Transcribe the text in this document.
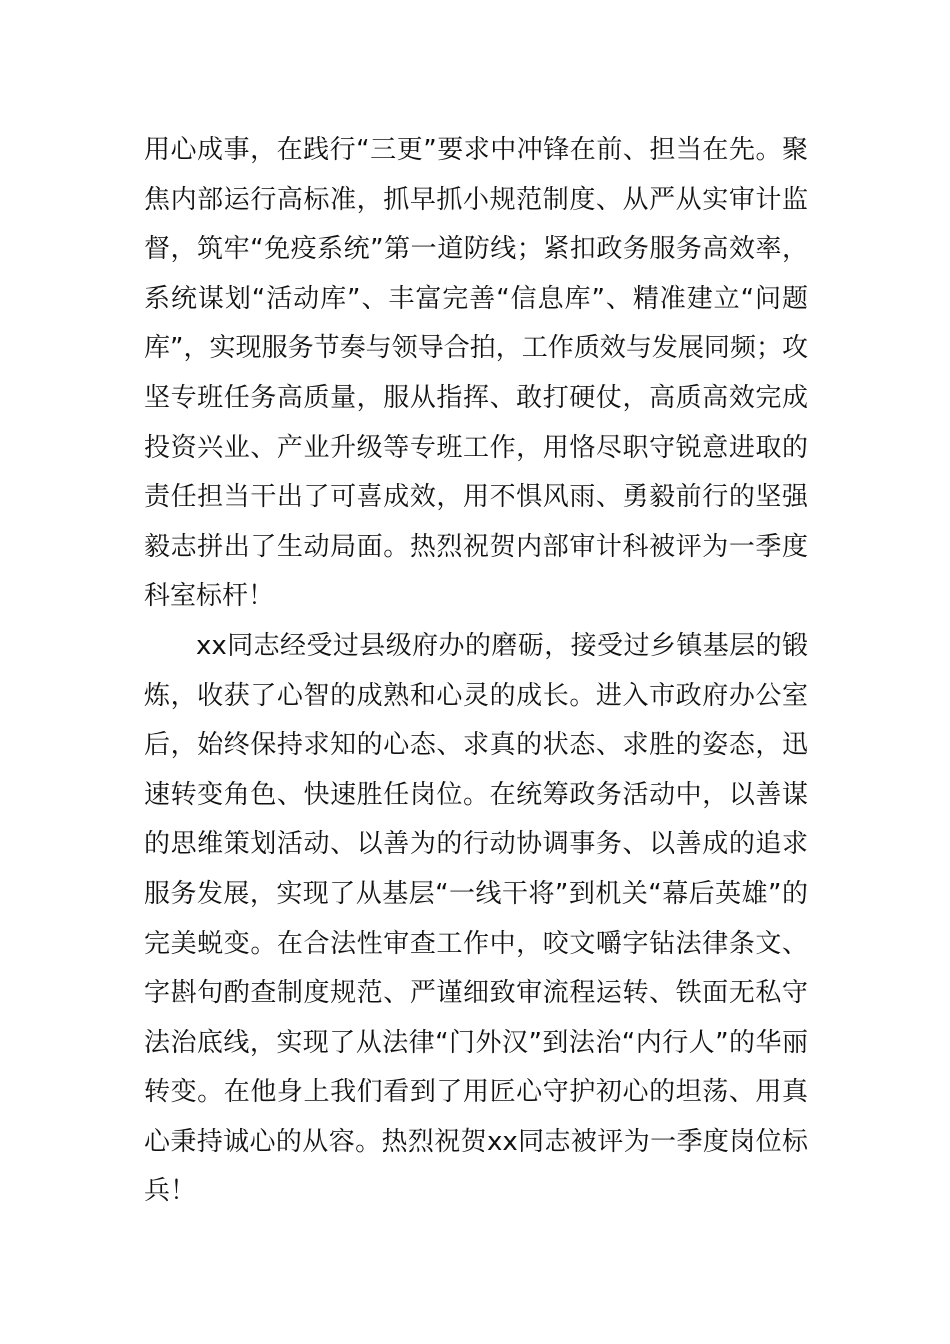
用心成事，在践行“三更”要求中冲锋在前、担当在先。聚焦内部运行高标准，抓早抓小规范制度、从严从实审计监督，筑牢“免疫系统”第一道防线；紧扣政务服务高效率，系统谋划“活动库”、丰富完善“信息库”、精准建立“问题库”，实现服务节奏与领导合拍，工作质效与发展同频；攻坚专班任务高质量，服从指挥、敢打硬仗，高质高效完成投资兴业、产业升级等专班工作，用恪尽职守锐意进取的责任担当干出了可喜成效，用不惧风雨、勇毅前行的坚强毅志拼出了生动局面。热烈祝贺内部审计科被评为一季度科室标杆！

xx同志经受过县级府办的磨砺，接受过乡镇基层的锻炼，收获了心智的成熟和心灵的成长。进入市政府办公室后，始终保持求知的心态、求真的状态、求胜的姿态，迅速转变角色、快速胜任岗位。在统筹政务活动中，以善谋的思维策划活动、以善为的行动协调事务、以善成的追求服务发展，实现了从基层“一线干将”到机关“幕后英雄”的完美蜕变。在合法性审查工作中，咬文嚼字钻法律条文、字斟句酌查制度规范、严谨细致审流程运转、铁面无私守法治底线，实现了从法律“门外汉”到法治“内行人”的华丽转变。在他身上我们看到了用匠心守护初心的坦荡、用真心秉持诚心的从容。热烈祝贺xx同志被评为一季度岗位标兵！
